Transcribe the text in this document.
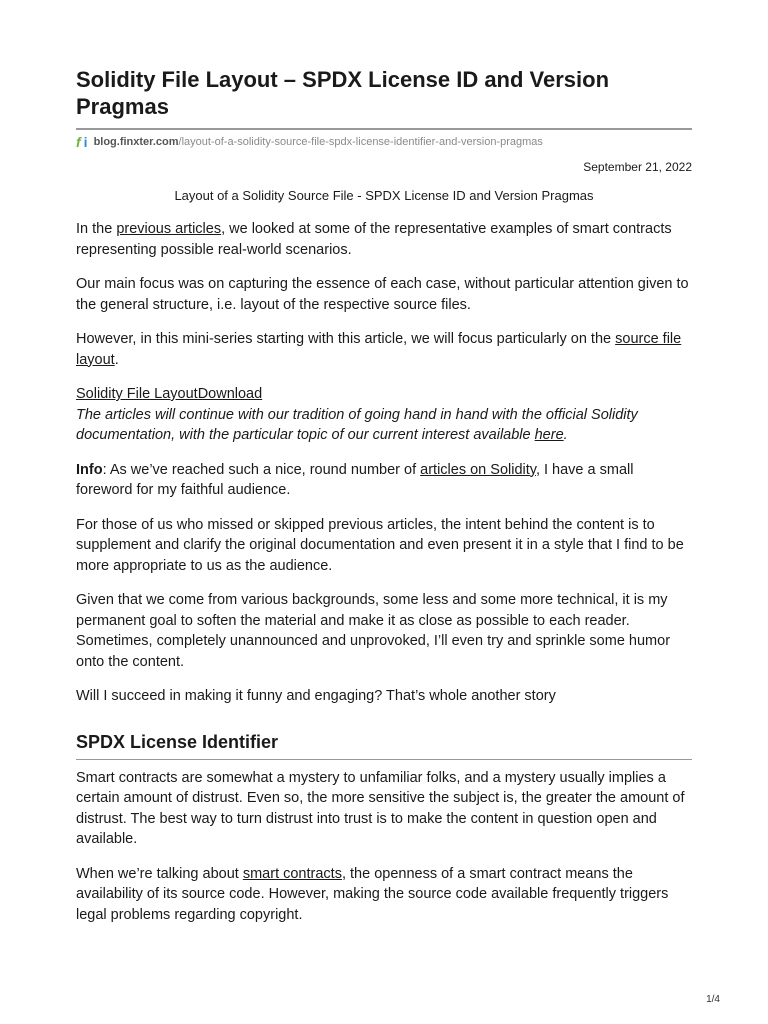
Solidity File Layout – SPDX License ID and Version Pragmas
f i blog.finxter.com/layout-of-a-solidity-source-file-spdx-license-identifier-and-version-pragmas
September 21, 2022
Layout of a Solidity Source File - SPDX License ID and Version Pragmas

In the previous articles, we looked at some of the representative examples of smart contracts representing possible real-world scenarios.

Our main focus was on capturing the essence of each case, without particular attention given to the general structure, i.e. layout of the respective source files.

However, in this mini-series starting with this article, we will focus particularly on the source file layout.

Solidity File LayoutDownload

The articles will continue with our tradition of going hand in hand with the official Solidity documentation, with the particular topic of our current interest available here.

Info: As we’ve reached such a nice, round number of articles on Solidity, I have a small foreword for my faithful audience.

For those of us who missed or skipped previous articles, the intent behind the content is to supplement and clarify the original documentation and even present it in a style that I find to be more appropriate to us as the audience.

Given that we come from various backgrounds, some less and some more technical, it is my permanent goal to soften the material and make it as close as possible to each reader. Sometimes, completely unannounced and unprovoked, I’ll even try and sprinkle some humor onto the content.

Will I succeed in making it funny and engaging? That’s whole another story

SPDX License Identifier

Smart contracts are somewhat a mystery to unfamiliar folks, and a mystery usually implies a certain amount of distrust. Even so, the more sensitive the subject is, the greater the amount of distrust. The best way to turn distrust into trust is to make the content in question open and available.

When we’re talking about smart contracts, the openness of a smart contract means the availability of its source code. However, making the source code available frequently triggers legal problems regarding copyright.

1/4
